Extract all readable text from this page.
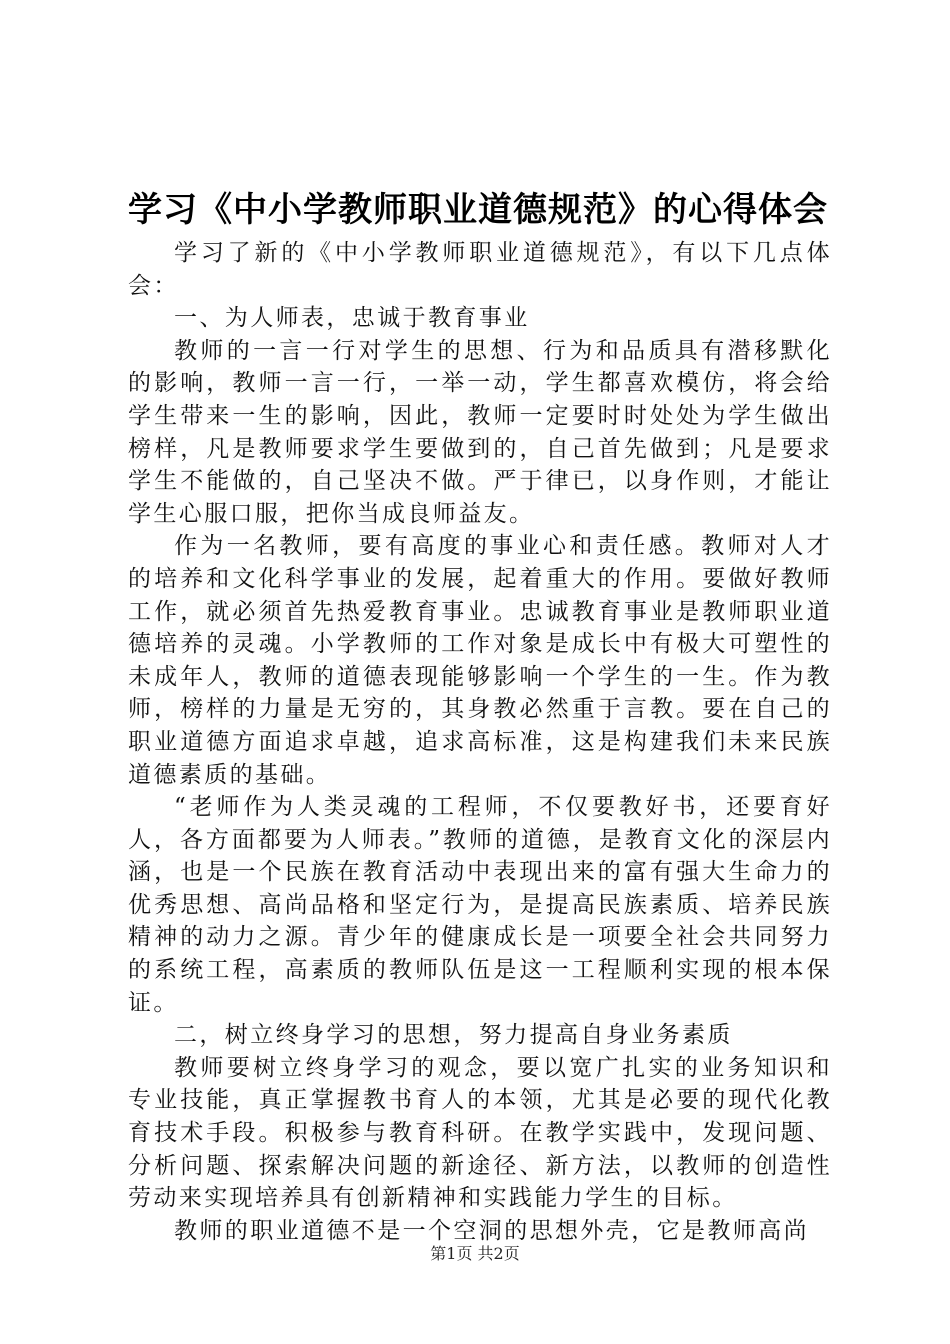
学习《中小学教师职业道德规范》的心得体会

学习了新的《中小学教师职业道德规范》，有以下几点体会：

一、为人师表，忠诚于教育事业

教师的一言一行对学生的思想、行为和品质具有潜移默化的影响，教师一言一行，一举一动，学生都喜欢模仿，将会给学生带来一生的影响，因此，教师一定要时时处处为学生做出榜样，凡是教师要求学生要做到的，自己首先做到；凡是要求学生不能做的，自己坚决不做。严于律已，以身作则，才能让学生心服口服，把你当成良师益友。

作为一名教师，要有高度的事业心和责任感。教师对人才的培养和文化科学事业的发展，起着重大的作用。要做好教师工作，就必须首先热爱教育事业。忠诚教育事业是教师职业道德培养的灵魂。小学教师的工作对象是成长中有极大可塑性的未成年人，教师的道德表现能够影响一个学生的一生。作为教师，榜样的力量是无穷的，其身教必然重于言教。要在自己的职业道德方面追求卓越，追求高标准，这是构建我们未来民族道德素质的基础。

“老师作为人类灵魂的工程师，不仅要教好书，还要育好人，各方面都要为人师表。”教师的道德，是教育文化的深层内涵，也是一个民族在教育活动中表现出来的富有强大生命力的优秀思想、高尚品格和坚定行为，是提高民族素质、培养民族精神的动力之源。青少年的健康成长是一项要全社会共同努力的系统工程，高素质的教师队伍是这一工程顺利实现的根本保证。

二，树立终身学习的思想，努力提高自身业务素质

教师要树立终身学习的观念，要以宽广扎实的业务知识和专业技能，真正掌握教书育人的本领，尤其是必要的现代化教育技术手段。积极参与教育科研。在教学实践中，发现问题、分析问题、探索解决问题的新途径、新方法，以教师的创造性劳动来实现培养具有创新精神和实践能力学生的目标。

教师的职业道德不是一个空洞的思想外壳，它是教师高尚

第1页 共2页
